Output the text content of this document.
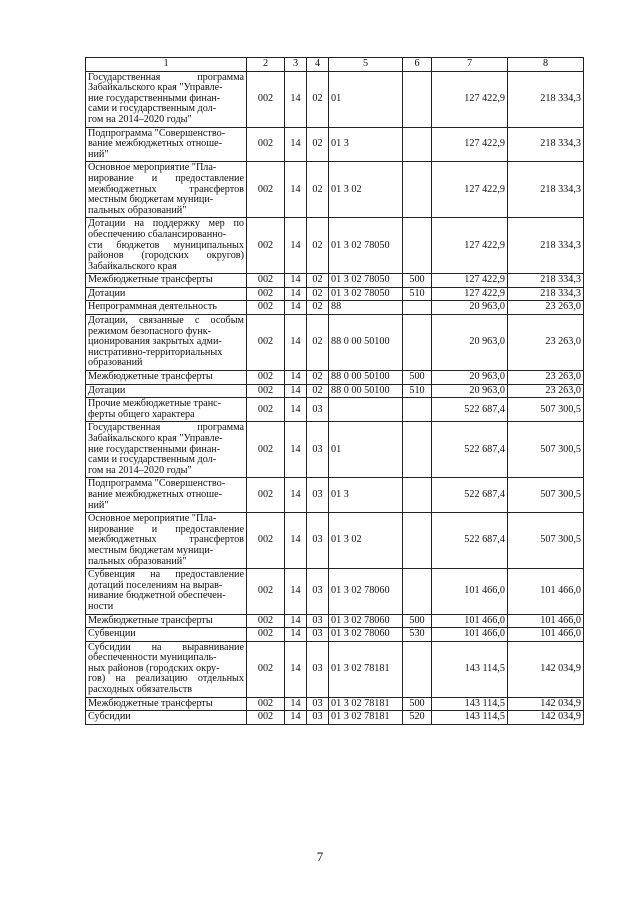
1	2	3	4	5	6	7	8
Государственная программа Забайкальского края "Управле-
ние государственными финан-
сами и государственным дол-
гом на 2014–2020 годы"	002	14	02	01		127 422,9	218 334,3
Подпрограмма "Совершенство-
вание межбюджетных отноше-
ний"	002	14	02	01 3		127 422,9	218 334,3
Основное мероприятие "Пла-
нирование и предоставление межбюджетных трансфертов местным бюджетам муници-
пальных образований"	002	14	02	01 3 02		127 422,9	218 334,3
Дотации на поддержку мер по обеспечению сбалансированно-
сти бюджетов муниципальных районов (городских округов) Забайкальского края	002	14	02	01 3 02 78050		127 422,9	218 334,3
Межбюджетные трансферты	002	14	02	01 3 02 78050	500	127 422,9	218 334,3
Дотации	002	14	02	01 3 02 78050	510	127 422,9	218 334,3
Непрограммная деятельность	002	14	02	88		20 963,0	23 263,0
Дотации, связанные с особым режимом безопасного функ-
ционирования закрытых адми-
нистративно-территориальных образований	002	14	02	88 0 00 50100		20 963,0	23 263,0
Межбюджетные трансферты	002	14	02	88 0 00 50100	500	20 963,0	23 263,0
Дотации	002	14	02	88 0 00 50100	510	20 963,0	23 263,0
Прочие межбюджетные транс-
ферты общего характера	002	14	03			522 687,4	507 300,5
Государственная программа Забайкальского края "Управле-
ние государственными финан-
сами и государственным дол-
гом на 2014–2020 годы"	002	14	03	01		522 687,4	507 300,5
Подпрограмма "Совершенство-
вание межбюджетных отноше-
ний"	002	14	03	01 3		522 687,4	507 300,5
Основное мероприятие "Пла-
нирование и предоставление межбюджетных трансфертов местным бюджетам муници-
пальных образований"	002	14	03	01 3 02		522 687,4	507 300,5
Субвенция на предоставление дотаций поселениям на вырав-
нивание бюджетной обеспечен-
ности	002	14	03	01 3 02 78060		101 466,0	101 466,0
Межбюджетные трансферты	002	14	03	01 3 02 78060	500	101 466,0	101 466,0
Субвенции	002	14	03	01 3 02 78060	530	101 466,0	101 466,0
Субсидии на выравнивание обеспеченности муниципаль-
ных районов (городских окру-
гов) на реализацию отдельных расходных обязательств	002	14	03	01 3 02 78181		143 114,5	142 034,9
Межбюджетные трансферты	002	14	03	01 3 02 78181	500	143 114,5	142 034,9
Субсидии	002	14	03	01 3 02 78181	520	143 114,5	142 034,9
7
